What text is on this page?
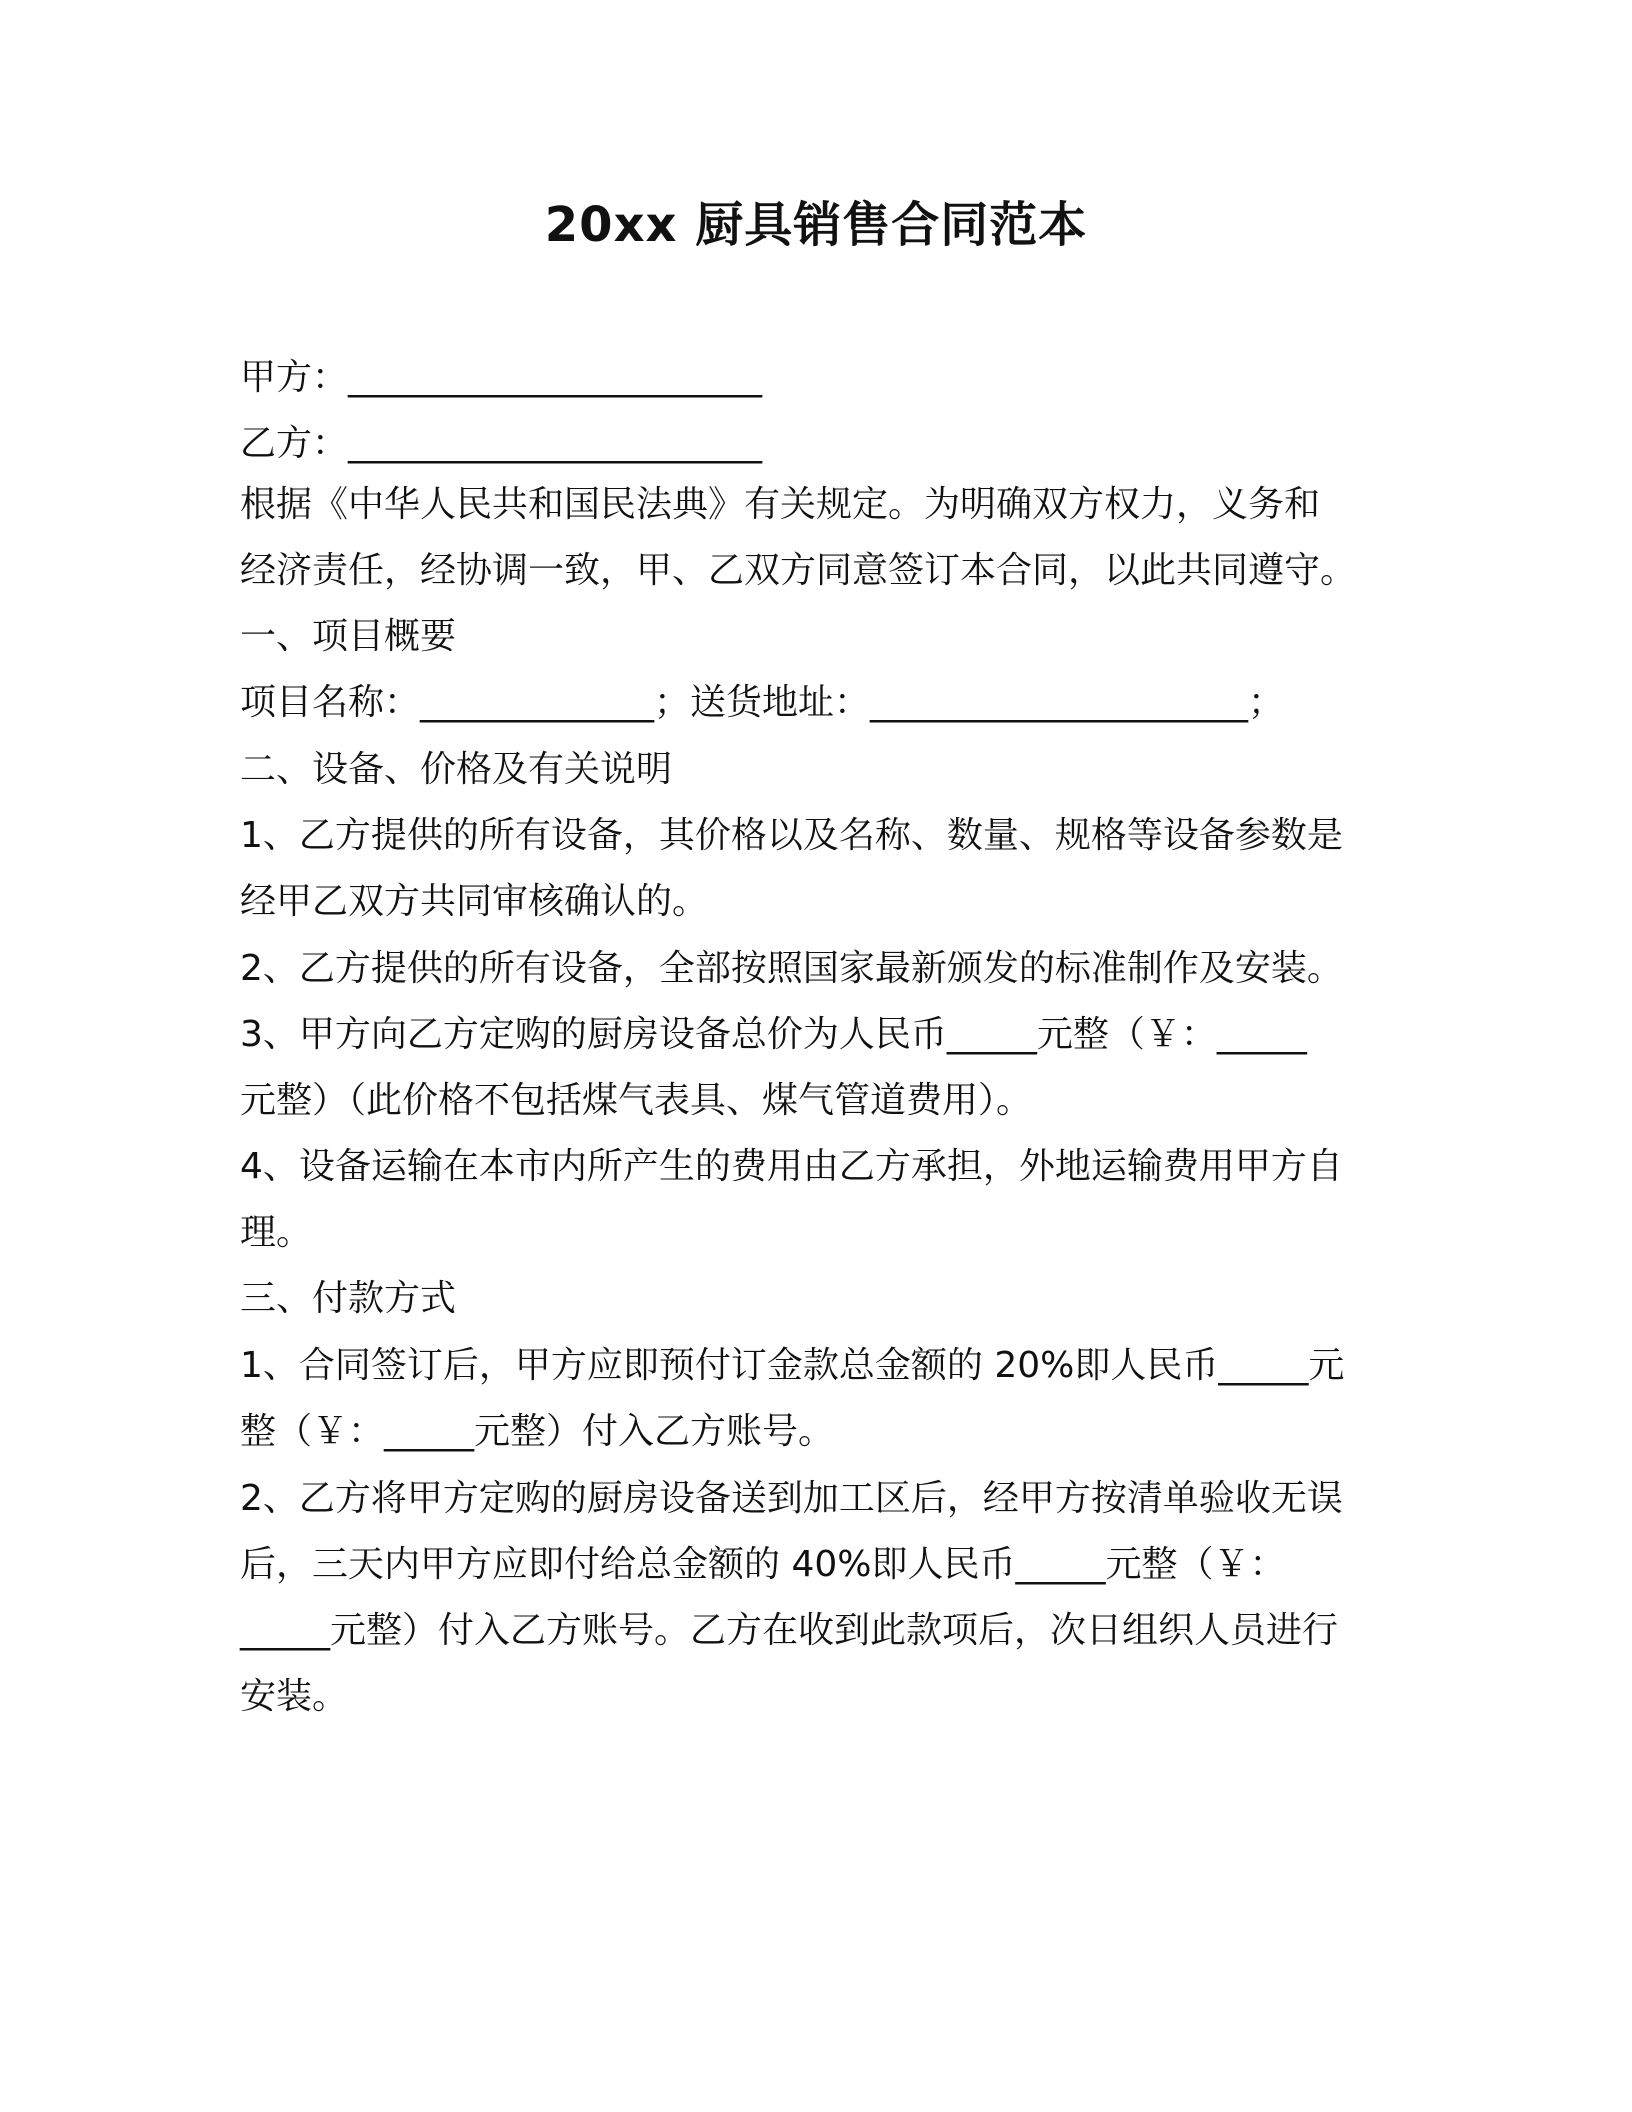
20xx 厨具销售合同范本
甲方：_______________________
乙方：_______________________
根据《中华人民共和国民法典》有关规定。为明确双方权力，义务和
经济责任，经协调一致，甲、乙双方同意签订本合同，以此共同遵守。
一、项目概要
项目名称：_____________；送货地址：_____________________；
二、设备、价格及有关说明
1、乙方提供的所有设备，其价格以及名称、数量、规格等设备参数是
经甲乙双方共同审核确认的。
2、乙方提供的所有设备，全部按照国家最新颁发的标准制作及安装。
3、甲方向乙方定购的厨房设备总价为人民币_____元整（￥：_____
元整）（此价格不包括煤气表具、煤气管道费用）。
4、设备运输在本市内所产生的费用由乙方承担，外地运输费用甲方自
理。
三、付款方式
1、合同签订后，甲方应即预付订金款总金额的 20%即人民币_____元
整（￥：_____元整）付入乙方账号。
2、乙方将甲方定购的厨房设备送到加工区后，经甲方按清单验收无误
后，三天内甲方应即付给总金额的 40%即人民币_____元整（￥：
_____元整）付入乙方账号。乙方在收到此款项后，次日组织人员进行
安装。
